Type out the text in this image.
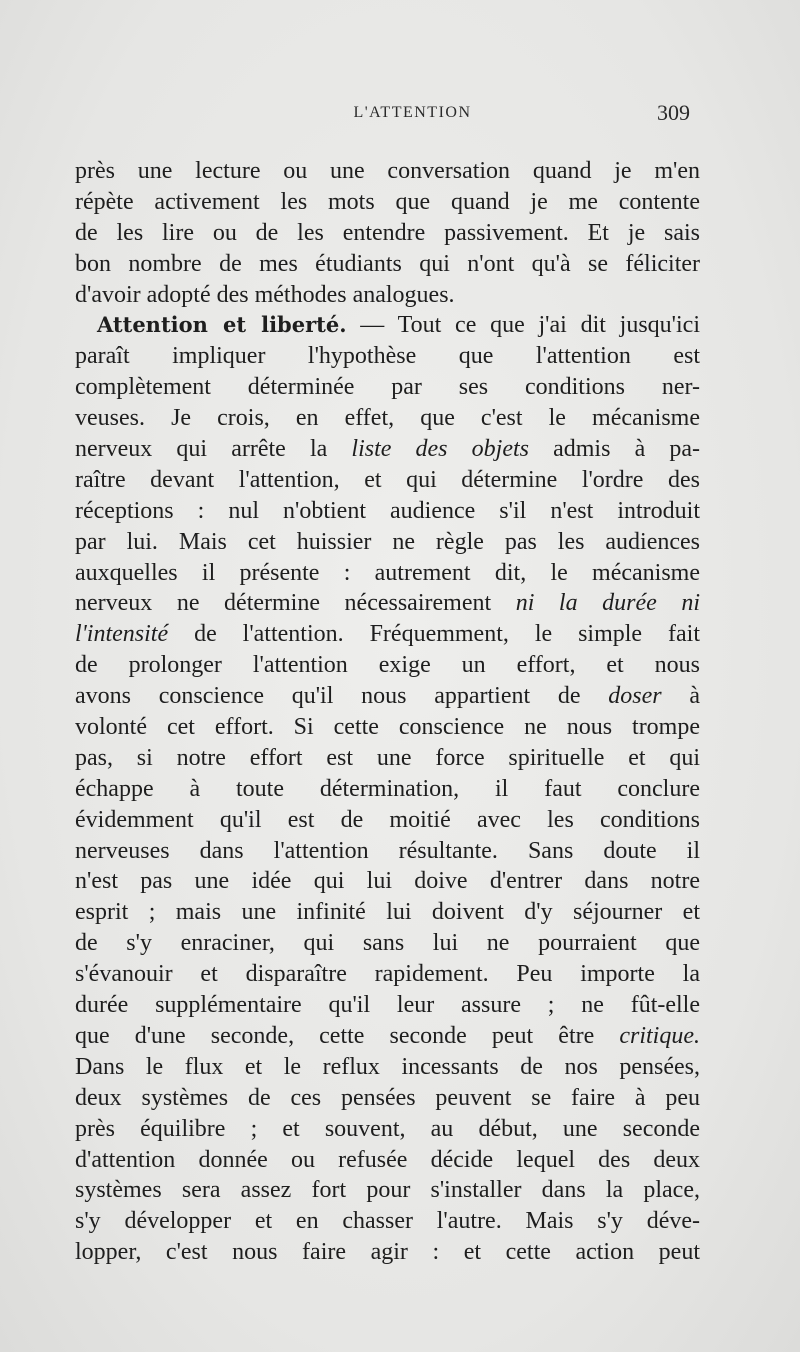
L'ATTENTION	309
près une lecture ou une conversation quand je m'en
répète activement les mots que quand je me contente
de les lire ou de les entendre passivement. Et je sais
bon nombre de mes étudiants qui n'ont qu'à se féliciter
d'avoir adopté des méthodes analogues.
Attention et liberté. — Tout ce que j'ai dit jusqu'ici
paraît impliquer l'hypothèse que l'attention est
complètement déterminée par ses conditions ner-
veuses. Je crois, en effet, que c'est le mécanisme
nerveux qui arrête la liste des objets admis à pa-
raître devant l'attention, et qui détermine l'ordre des
réceptions : nul n'obtient audience s'il n'est introduit
par lui. Mais cet huissier ne règle pas les audiences
auxquelles il présente : autrement dit, le mécanisme
nerveux ne détermine nécessairement ni la durée ni
l'intensité de l'attention. Fréquemment, le simple fait
de prolonger l'attention exige un effort, et nous
avons conscience qu'il nous appartient de doser à
volonté cet effort. Si cette conscience ne nous trompe
pas, si notre effort est une force spirituelle et qui
échappe à toute détermination, il faut conclure
évidemment qu'il est de moitié avec les conditions
nerveuses dans l'attention résultante. Sans doute il
n'est pas une idée qui lui doive d'entrer dans notre
esprit ; mais une infinité lui doivent d'y séjourner et
de s'y enraciner, qui sans lui ne pourraient que
s'évanouir et disparaître rapidement. Peu importe la
durée supplémentaire qu'il leur assure ; ne fût-elle
que d'une seconde, cette seconde peut être critique.
Dans le flux et le reflux incessants de nos pensées,
deux systèmes de ces pensées peuvent se faire à peu
près équilibre ; et souvent, au début, une seconde
d'attention donnée ou refusée décide lequel des deux
systèmes sera assez fort pour s'installer dans la place,
s'y développer et en chasser l'autre. Mais s'y déve-
lopper, c'est nous faire agir : et cette action peut
